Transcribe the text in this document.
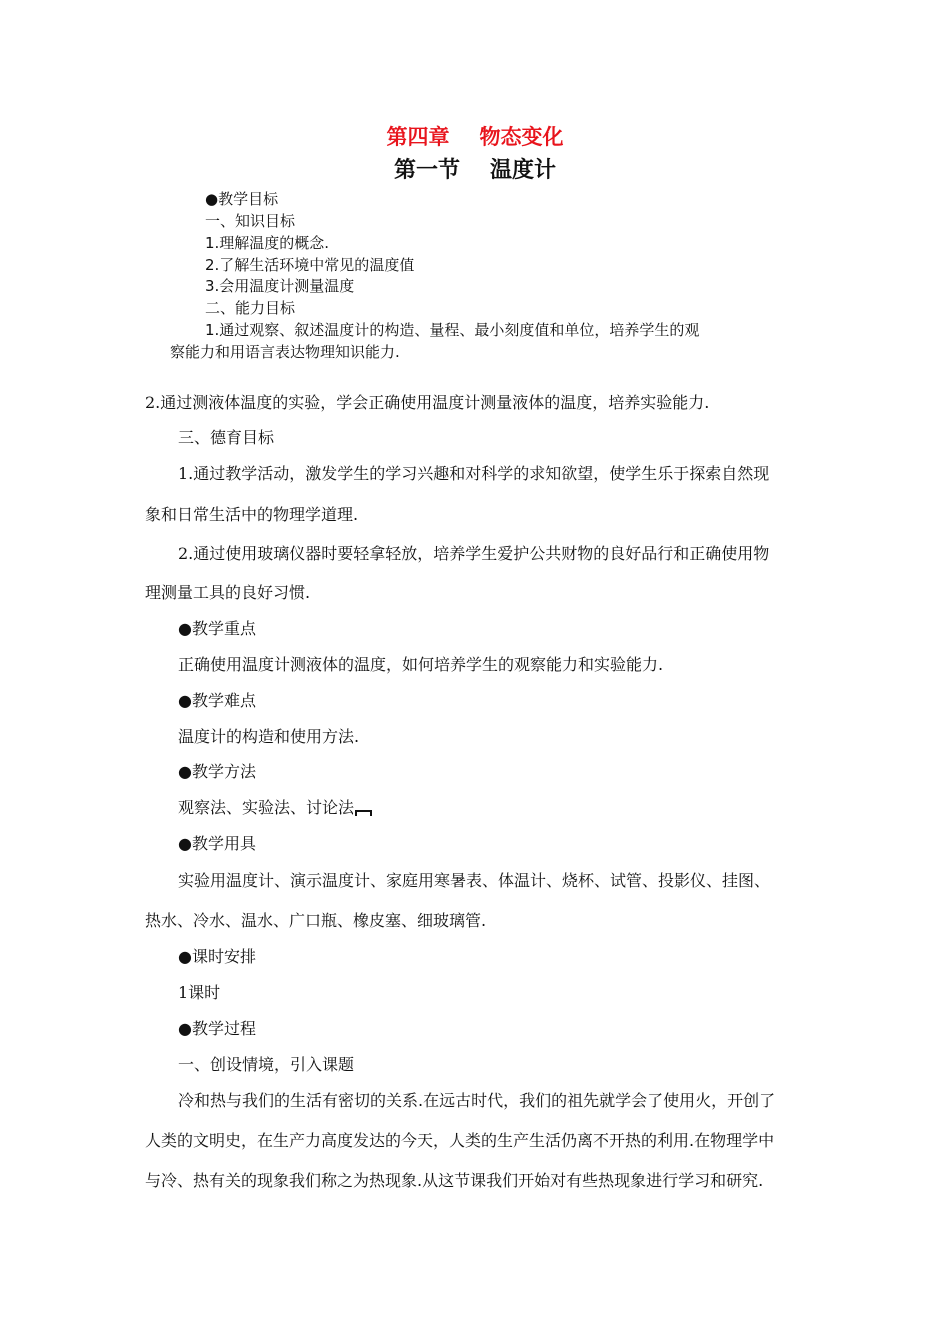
第四章 物态变化
第一节 温度计
●教学目标
一、知识目标
1.理解温度的概念.
2.了解生活环境中常见的温度值
3.会用温度计测量温度
二、能力目标
1.通过观察、叙述温度计的构造、量程、最小刻度值和单位，培养学生的观
察能力和用语言表达物理知识能力.
2.通过测液体温度的实验，学会正确使用温度计测量液体的温度，培养实验能力.
三、德育目标
1.通过教学活动，激发学生的学习兴趣和对科学的求知欲望，使学生乐于探索自然现
象和日常生活中的物理学道理.
2.通过使用玻璃仪器时要轻拿轻放，培养学生爱护公共财物的良好品行和正确使用物
理测量工具的良好习惯.
●教学重点
正确使用温度计测液体的温度，如何培养学生的观察能力和实验能力.
●教学难点
温度计的构造和使用方法.
●教学方法
观察法、实验法、讨论法
●教学用具
实验用温度计、演示温度计、家庭用寒暑表、体温计、烧杯、试管、投影仪、挂图、
热水、冷水、温水、广口瓶、橡皮塞、细玻璃管.
●课时安排
1课时
●教学过程
一、创设情境，引入课题
冷和热与我们的生活有密切的关系.在远古时代，我们的祖先就学会了使用火，开创了
人类的文明史，在生产力高度发达的今天，人类的生产生活仍离不开热的利用.在物理学中
与冷、热有关的现象我们称之为热现象.从这节课我们开始对有些热现象进行学习和研究.
